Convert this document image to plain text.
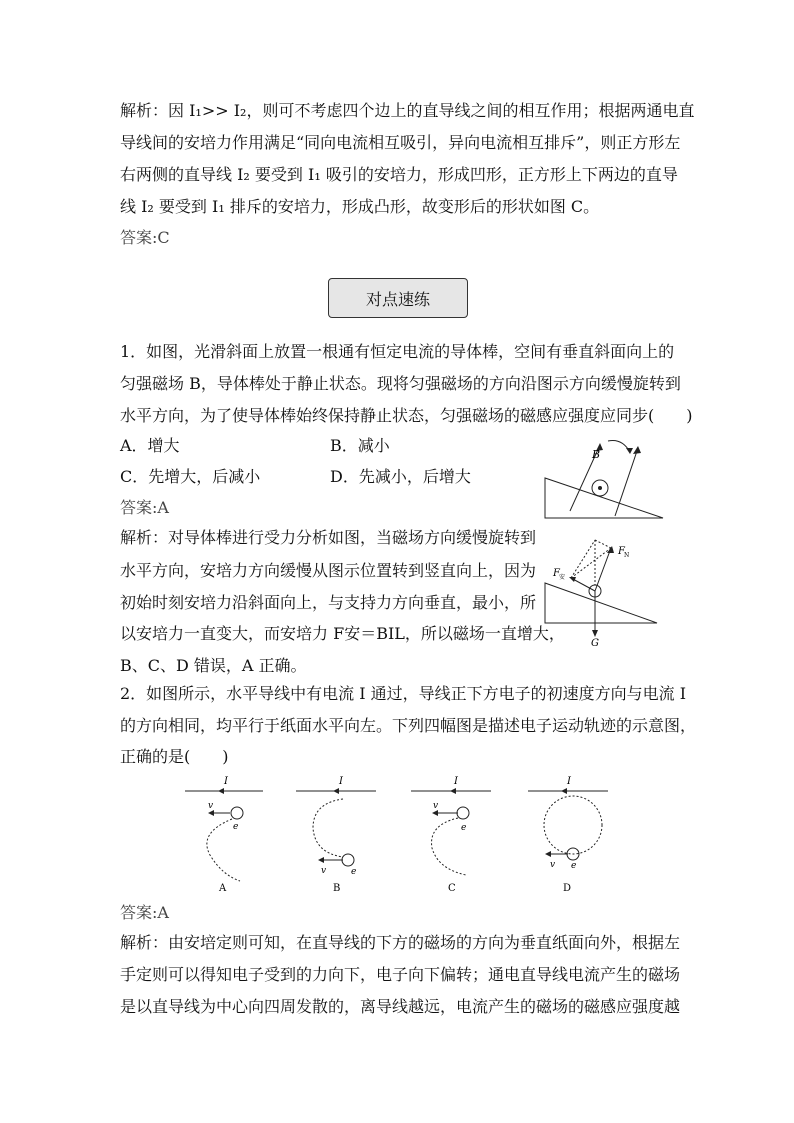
解析：因 I₁>> I₂，则可不考虑四个边上的直导线之间的相互作用；根据两通电直
导线间的安培力作用满足“同向电流相互吸引，异向电流相互排斥”，则正方形左
右两侧的直导线 I₂ 要受到 I₁ 吸引的安培力，形成凹形，正方形上下两边的直导
线 I₂ 要受到 I₁ 排斥的安培力，形成凸形，故变形后的形状如图 C。
答案:C
对点速练
1．如图，光滑斜面上放置一根通有恒定电流的导体棒，空间有垂直斜面向上的
匀强磁场 B，导体棒处于静止状态。现将匀强磁场的方向沿图示方向缓慢旋转到
水平方向，为了使导体棒始终保持静止状态，匀强磁场的磁感应强度应同步(　　)
A．增大	B．减小
C．先增大，后减小	D．先减小，后增大
答案:A
解析：对导体棒进行受力分析如图，当磁场方向缓慢旋转到
水平方向，安培力方向缓慢从图示位置转到竖直向上，因为
初始时刻安培力沿斜面向上，与支持力方向垂直，最小，所
以安培力一直变大，而安培力 F安＝BIL，所以磁场一直增大，
B、C、D 错误，A 正确。
B
F N
F 安
G
2．如图所示，水平导线中有电流 I 通过，导线正下方电子的初速度方向与电流 I
的方向相同，均平行于纸面水平向左。下列四幅图是描述电子运动轨迹的示意图，
正确的是(　　)
I
v
e
A
I
v	e
B
I
v
e
C
I
v e
D
答案:A
解析：由安培定则可知，在直导线的下方的磁场的方向为垂直纸面向外，根据左
手定则可以得知电子受到的力向下，电子向下偏转；通电直导线电流产生的磁场
是以直导线为中心向四周发散的，离导线越远，电流产生的磁场的磁感应强度越
